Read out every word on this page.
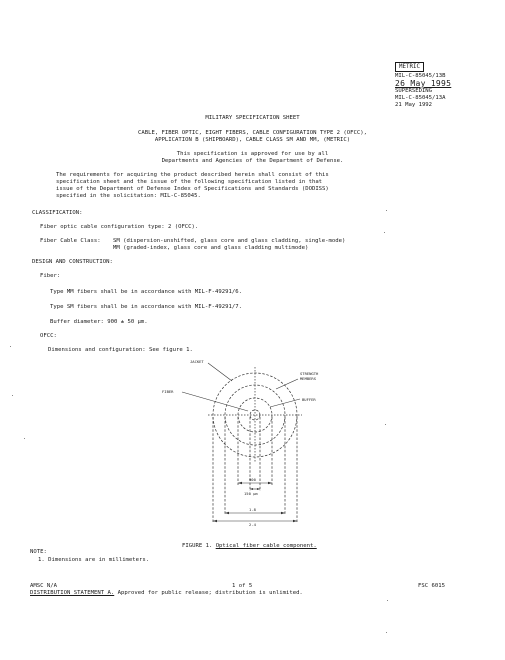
METRIC
MIL-C-85045/13B
26 May 1995
SUPERSEDING
MIL-C-85045/13A
21 May 1992
MILITARY SPECIFICATION SHEET
CABLE, FIBER OPTIC, EIGHT FIBERS, CABLE CONFIGURATION TYPE 2 (OFCC),
APPLICATION B (SHIPBOARD), CABLE CLASS SM AND MM, (METRIC)
This specification is approved for use by all
Departments and Agencies of the Department of Defense.
The requirements for acquiring the product described herein shall consist of this
specification sheet and the issue of the following specification listed in that
issue of the Department of Defense Index of Specifications and Standards (DODISS)
specified in the solicitation: MIL-C-85045.
CLASSIFICATION:
Fiber optic cable configuration type: 2 (OFCC).
Fiber Cable Class: SM (dispersion-unshifted, glass core and glass cladding, single-mode)
MM (graded-index, glass core and glass cladding multimode)
DESIGN AND CONSTRUCTION:
Fiber:
Type MM fibers shall be in accordance with MIL-F-49291/6.
Type SM fibers shall be in accordance with MIL-F-49291/7.
Buffer diameter: 900 ± 50 µm.
OFCC:
Dimensions and configuration: See figure 1.
JACKET
STRENGTH
MEMBERS
FIBER
BUFFER
900
150 µm
1.8
2.4
NOTE:
1. Dimensions are in millimeters.
FIGURE 1. Optical fiber cable component.
AMSC N/A	1 of 5	FSC 6015
DISTRIBUTION STATEMENT A. Approved for public release; distribution is unlimited.
